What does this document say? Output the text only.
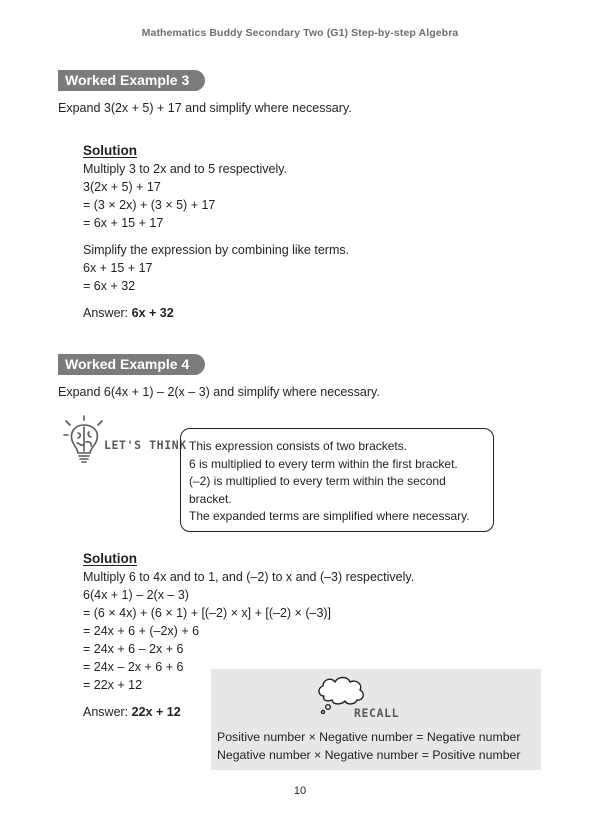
Mathematics Buddy Secondary Two (G1) Step-by-step Algebra
Worked Example 3
Expand 3(2x + 5) + 17 and simplify where necessary.
Solution
Multiply 3 to 2x and to 5 respectively.
3(2x + 5) + 17
= (3 × 2x) + (3 × 5) + 17
= 6x + 15 + 17
Simplify the expression by combining like terms.
6x + 15 + 17
= 6x + 32
Answer: 6x + 32
Worked Example 4
Expand 6(4x + 1) – 2(x – 3) and simplify where necessary.
LET'S THINK This expression consists of two brackets.
6 is multiplied to every term within the first bracket.
(–2) is multiplied to every term within the second
bracket.
The expanded terms are simplified where necessary.
Solution
Multiply 6 to 4x and to 1, and (–2) to x and (–3) respectively.
6(4x + 1) – 2(x – 3)
= (6 × 4x) + (6 × 1) + [(–2) × x] + [(–2) × (–3)]
= 24x + 6 + (–2x) + 6
= 24x + 6 – 2x + 6
= 24x – 2x + 6 + 6
= 22x + 12
Answer: 22x + 12	RECALL
Positive number × Negative number = Negative number
Negative number × Negative number = Positive number
10
